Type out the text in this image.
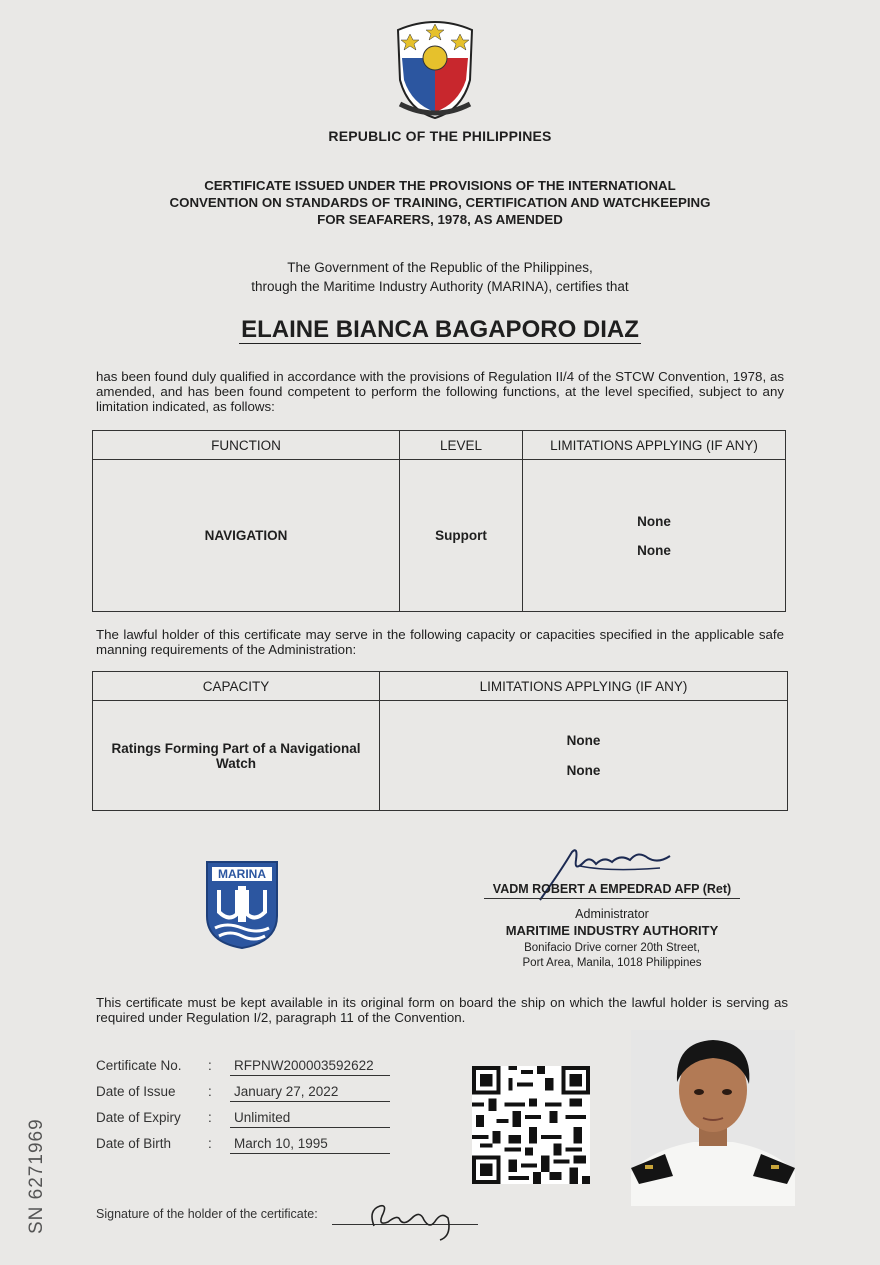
REPUBLIC OF THE PHILIPPINES
CERTIFICATE ISSUED UNDER THE PROVISIONS OF THE INTERNATIONAL
CONVENTION ON STANDARDS OF TRAINING, CERTIFICATION AND WATCHKEEPING
FOR SEAFARERS, 1978, AS AMENDED
The Government of the Republic of the Philippines,
through the Maritime Industry Authority (MARINA), certifies that
ELAINE BIANCA BAGAPORO DIAZ
has been found duly qualified in accordance with the provisions of Regulation II/4 of the STCW Convention, 1978, as amended, and has been found competent to perform the following functions, at the level specified, subject to any limitation indicated, as follows:
FUNCTION	LEVEL	LIMITATIONS APPLYING (IF ANY)
NAVIGATION	Support	None
None
The lawful holder of this certificate may serve in the following capacity or capacities specified in the applicable safe manning requirements of the Administration:
CAPACITY	LIMITATIONS APPLYING (IF ANY)
Ratings Forming Part of a Navigational Watch	None
None
MARINA
VADM ROBERT A EMPEDRAD AFP (Ret)
Administrator
MARITIME INDUSTRY AUTHORITY
Bonifacio Drive corner 20th Street,
Port Area, Manila, 1018 Philippines
This certificate must be kept available in its original form on board the ship on which the lawful holder is serving as required under Regulation I/2, paragraph 11 of the Convention.
Certificate No. : RFPNW200003592622
Date of Issue : January 27, 2022
Date of Expiry : Unlimited
Date of Birth	: March 10, 1995
SN 6271969	Signature of the holder of the certificate:
